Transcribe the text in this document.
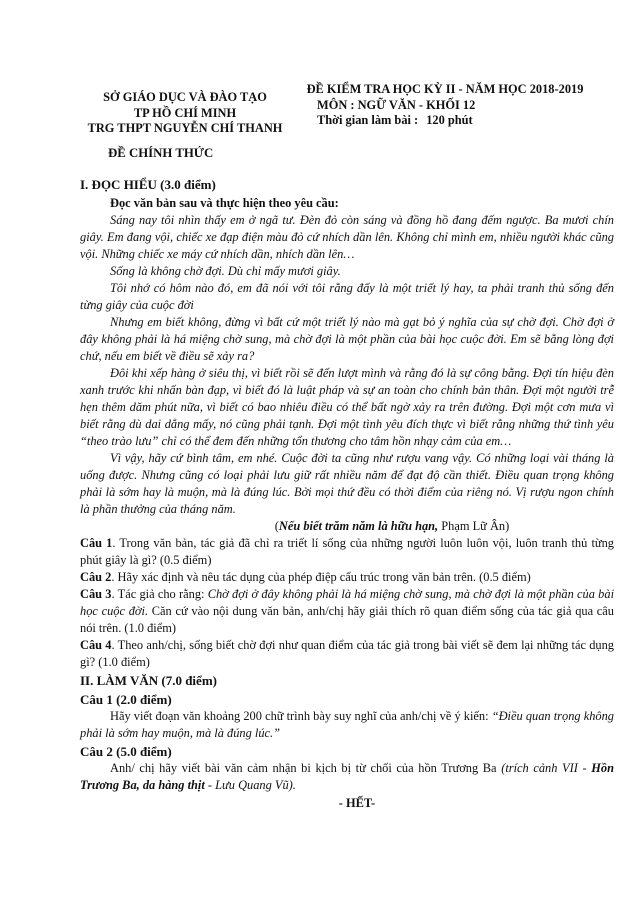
SỞ GIÁO DỤC VÀ ĐÀO TẠO
TP HỒ CHÍ MINH
TRG THPT NGUYỄN CHÍ THANH
ĐỀ KIỂM TRA HỌC KỲ II - NĂM HỌC 2018-2019
MÔN : NGỮ VĂN - KHỐI 12
Thời gian làm bài : 120 phút
ĐỀ CHÍNH THỨC

I. ĐỌC HIỂU (3.0 điểm)

Đọc văn bản sau và thực hiện theo yêu cầu:

Sáng nay tôi nhìn thấy em ở ngã tư. Đèn đỏ còn sáng và đồng hồ đang đếm ngược. Ba mươi chín giây. Em đang vội, chiếc xe đạp điện màu đỏ cứ nhích dần lên. Không chỉ mình em, nhiều người khác cũng vội. Những chiếc xe máy cứ nhích dần, nhích dần lên…

Sống là không chờ đợi. Dù chỉ mấy mươi giây.

Tôi nhớ có hôm nào đó, em đã nói với tôi rằng đấy là một triết lý hay, ta phải tranh thủ sống đến từng giây của cuộc đời

Nhưng em biết không, đừng vì bất cứ một triết lý nào mà gạt bỏ ý nghĩa của sự chờ đợi. Chờ đợi ở đây không phải là há miệng chờ sung, mà chờ đợi là một phần của bài học cuộc đời. Em sẽ bằng lòng đợi chứ, nếu em biết về điều sẽ xảy ra?

Đôi khi xếp hàng ở siêu thị, vì biết rồi sẽ đến lượt mình và rằng đó là sự công bằng. Đợi tín hiệu đèn xanh trước khi nhấn bàn đạp, vì biết đó là luật pháp và sự an toàn cho chính bản thân. Đợi một người trễ hẹn thêm dăm phút nữa, vì biết có bao nhiêu điều có thể bất ngờ xảy ra trên đường. Đợi một cơn mưa vì biết rằng dù dai dẳng mấy, nó cũng phải tạnh. Đợi một tình yêu đích thực vì biết rằng những thứ tình yêu “theo trào lưu” chỉ có thể đem đến những tổn thương cho tâm hồn nhạy cảm của em…

Vì vậy, hãy cứ bình tâm, em nhé. Cuộc đời ta cũng như rượu vang vậy. Có những loại vài tháng là uống được. Nhưng cũng có loại phải lưu giữ rất nhiều năm để đạt độ cần thiết. Điều quan trọng không phải là sớm hay là muộn, mà là đúng lúc. Bởi mọi thứ đều có thời điểm của riêng nó. Vị rượu ngon chính là phần thưởng của tháng năm.

(Nếu biết trăm năm là hữu hạn, Phạm Lữ Ân)

Câu 1. Trong văn bản, tác giả đã chỉ ra triết lí sống của những người luôn luôn vội, luôn tranh thủ từng phút giây là gì? (0.5 điểm)

Câu 2. Hãy xác định và nêu tác dụng của phép điệp cấu trúc trong văn bản trên. (0.5 điểm)

Câu 3. Tác giả cho rằng: Chờ đợi ở đây không phải là há miệng chờ sung, mà chờ đợi là một phần của bài học cuộc đời. Căn cứ vào nội dung văn bản, anh/chị hãy giải thích rõ quan điểm sống của tác giả qua câu nói trên. (1.0 điểm)

Câu 4. Theo anh/chị, sống biết chờ đợi như quan điểm của tác giả trong bài viết sẽ đem lại những tác dụng gì? (1.0 điểm)

II. LÀM VĂN (7.0 điểm)

Câu 1 (2.0 điểm)

Hãy viết đoạn văn khoảng 200 chữ trình bày suy nghĩ của anh/chị về ý kiến: “Điều quan trọng không phải là sớm hay muộn, mà là đúng lúc.”

Câu 2 (5.0 điểm)

Anh/ chị hãy viết bài văn cảm nhận bi kịch bị từ chối của hồn Trương Ba (trích cảnh VII - Hồn Trương Ba, da hàng thịt - Lưu Quang Vũ).

- HẾT-
